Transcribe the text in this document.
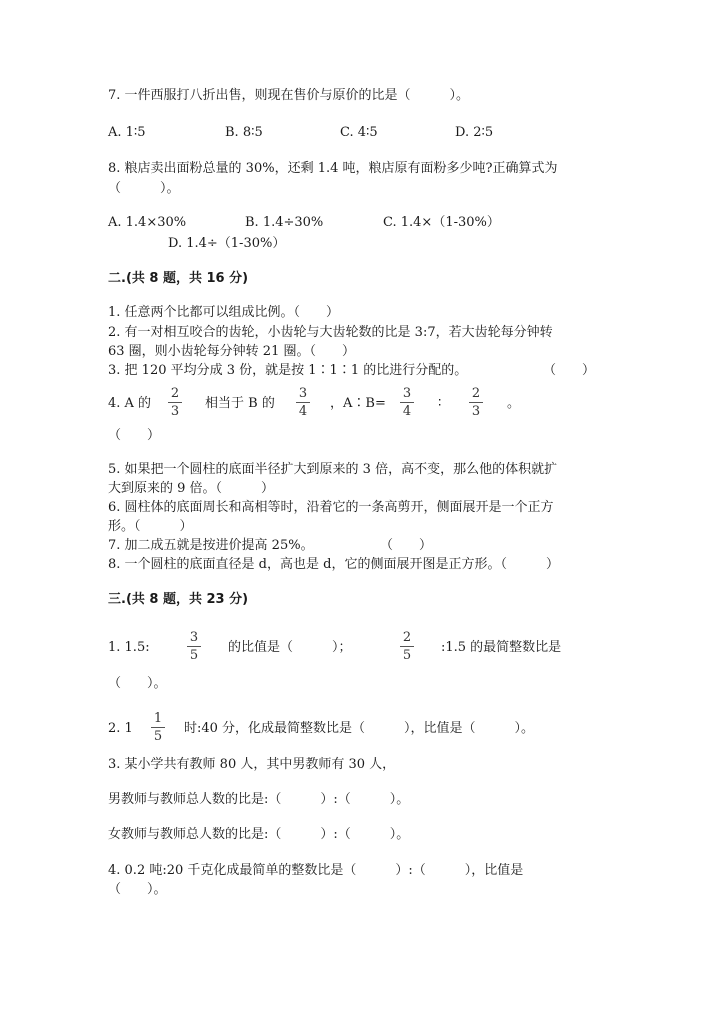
7. 一件西服打八折出售，则现在售价与原价的比是（　　　）。
A. 1∶5	B. 8∶5	C. 4∶5	D. 2∶5
8. 粮店卖出面粉总量的 30%，还剩 1.4 吨，粮店原有面粉多少吨?正确算式为
（　　　）。
A. 1.4×30%	B. 1.4÷30%	C. 1.4×（1-30%）
D. 1.4÷（1-30%）
二.(共 8 题，共 16 分)
1. 任意两个比都可以组成比例。（　　）
2. 有一对相互咬合的齿轮，小齿轮与大齿轮数的比是 3:7，若大齿轮每分钟转
63 圈，则小齿轮每分钟转 21 圈。（　　）
3. 把 120 平均分成 3 份，就是按 1∶1∶1 的比进行分配的。	（　　）
4. A 的
2
3
相当于 B 的
3
4
，A∶B=
3
4
∶
2
3
。
（　　）
5. 如果把一个圆柱的底面半径扩大到原来的 3 倍，高不变，那么他的体积就扩
大到原来的 9 倍。（　　　）
6. 圆柱体的底面周长和高相等时，沿着它的一条高剪开，侧面展开是一个正方
形。（　　　）
7. 加二成五就是按进价提高 25%。	（　　）
8. 一个圆柱的底面直径是 d，高也是 d，它的侧面展开图是正方形。（　　　）
三.(共 8 题，共 23 分)
1. 1.5:
3
5
的比值是（　　　）；
2
5
:1.5 的最简整数比是
（　　）。
2. 1
1
5
时:40 分，化成最简整数比是（　　　），比值是（　　　）。
3. 某小学共有教师 80 人，其中男教师有 30 人，
男教师与教师总人数的比是:（　　　）:（　　　）。
女教师与教师总人数的比是:（　　　）:（　　　）。
4. 0.2 吨:20 千克化成最简单的整数比是（　　　）:（　　　），比值是
（　　）。
